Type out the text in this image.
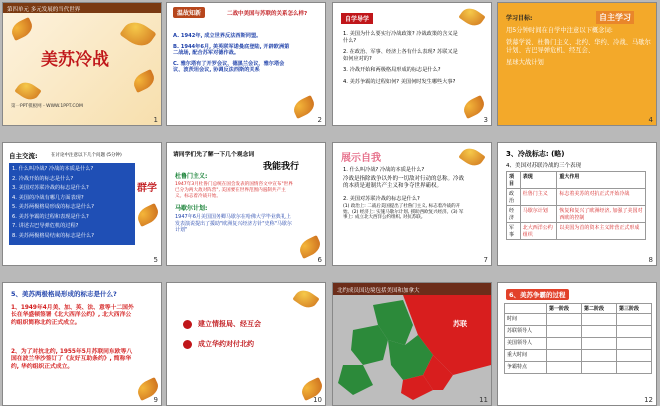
第四单元 多元发展的当代世界
美苏冷战
第一PPT模板网 - WWW.1PPT.COM
1
温故知新	二战中美国与苏联的关系怎么样?
A. 1942年, 成立世界反法西斯同盟。
B. 1944年6月, 美英联军诺曼底登陆, 开辟欧洲第二战场, 配合苏军对德作战。
C. 雅尔塔有了开罗会议、德黑兰会议、雅尔塔会议、波茨坦会议, 协调反法西斯的关系
2
自学导学
1. 美国为什么要实行冷战政策? 冷战政策的含义是什么?
2. 在政治、军事、经济上各有什么表现? 苏联又是如何应对的?
3. 冷战开始和两极格局形成的标志是什么?
4. 美苏争霸的过程如何? 美国何时发生哪些大事?
3
学习目标:	自主学习
用5分钟时间在自学中注意以下概念词:
铁幕学说、杜鲁门主义、北约、华约、冷战、马歇尔计划、古巴导弹危机、经互会、
星球大战计划
4
自主交流:	在讨论中注意以下几个问题 (5分钟)
1. 什么叫冷战? 冷战的本质是什么?
2. 冷战开始的标志是什么?
3. 美国对苏联冷战的标志是什么?
4. 美国的冷战有哪几方面表现?
5. 美苏两极格局形成的标志是什么?
6. 美苏争霸的过程和表现是什么?
7. 讲述古巴导弹危机的过程?
8. 美苏两极格局结束的标志是什么?
群学
5
请同学们先了解一下几个观念词
我能我行
杜鲁门主义:
1947年3月杜鲁门总统在国会发表的国情咨文中宣布"世界已分为两大敌对阵营", 美国要在世界范围内遏制共产主义。标志着冷战开始。
马歇尔计划:
1947年6月美国国务卿马歇尔在哈佛大学毕业典礼上发表演说提出了援助"欧洲复兴经济方针"史称"马歇尔计划"
6
展示自我
1. 什么叫冷战? 冷战的本质是什么?
冷战是指除战争以外的一切敌对行动的总称。冷战的本质是遏制共产主义和争夺世界霸权。
2. 美国对苏联冷战的标志是什么?
(1) 政治上: 二战后美国提出了杜鲁门主义, 标志着冷战的开始。(2) 经济上: 实施马歇尔计划, 援助西欧复兴经济。(3) 军事上: 成立北大西洋公约组织, 对抗苏联。
7
3、冷战标志: (略)
4、美国对苏联冷战的三个表现
项目	表现	重大作用
政治	杜鲁门主义	标志着美苏的对抗正式开始冷战
经济	马歇尔计划	恢复和复兴了欧洲经济, 加强了美国对西欧的控制
军事	北大西洋公约组织	以美国为首的资本主义阵营正式形成
8
5、美苏两极格局形成的标志是什么?
1、1949年4月美、加、英、法、意等十二国外长在华盛顿签署《北大西洋公约》, 北大西洋公约组织简称北约正式成立。
2、为了对抗北约, 1955年5月苏联同东欧等八国在波兰华沙签订了《友好互助条约》, 简称华约, 华约组织正式成立。
9
建立情报局、经互会
成立华约对付北约
10
北约成员国边境包括美国和加拿大
苏联
11
6、美苏争霸的过程
	第一阶段	第二阶段	第三阶段
时间			
苏联领导人			
美国领导人			
重大时间			
争霸特点			
12
